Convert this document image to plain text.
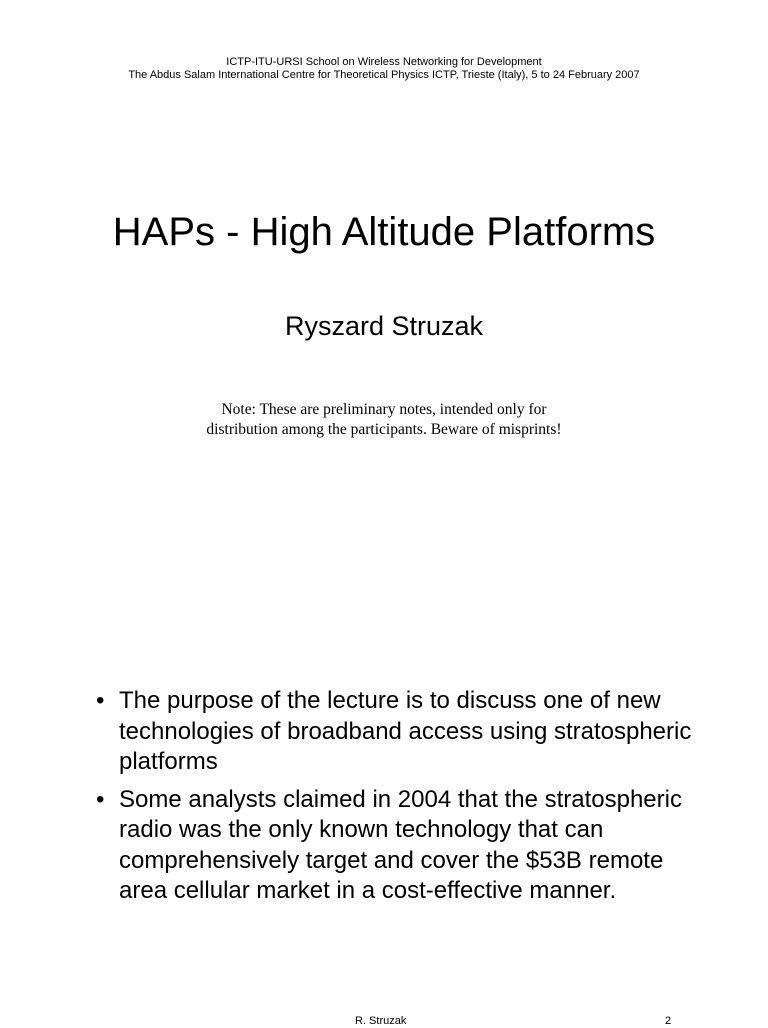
ICTP-ITU-URSI School on Wireless Networking for Development
The Abdus Salam International Centre for Theoretical Physics ICTP, Trieste (Italy), 5 to 24 February 2007
HAPs - High Altitude Platforms
Ryszard Struzak
Note: These are preliminary notes, intended only for
distribution among the participants. Beware of misprints!
• The purpose of the lecture is to discuss one of new technologies of broadband access using stratospheric platforms
• Some analysts claimed in 2004 that the stratospheric radio was the only known technology that can comprehensively target and cover the $53B remote area cellular market in a cost-effective manner.
R. Struzak	2
